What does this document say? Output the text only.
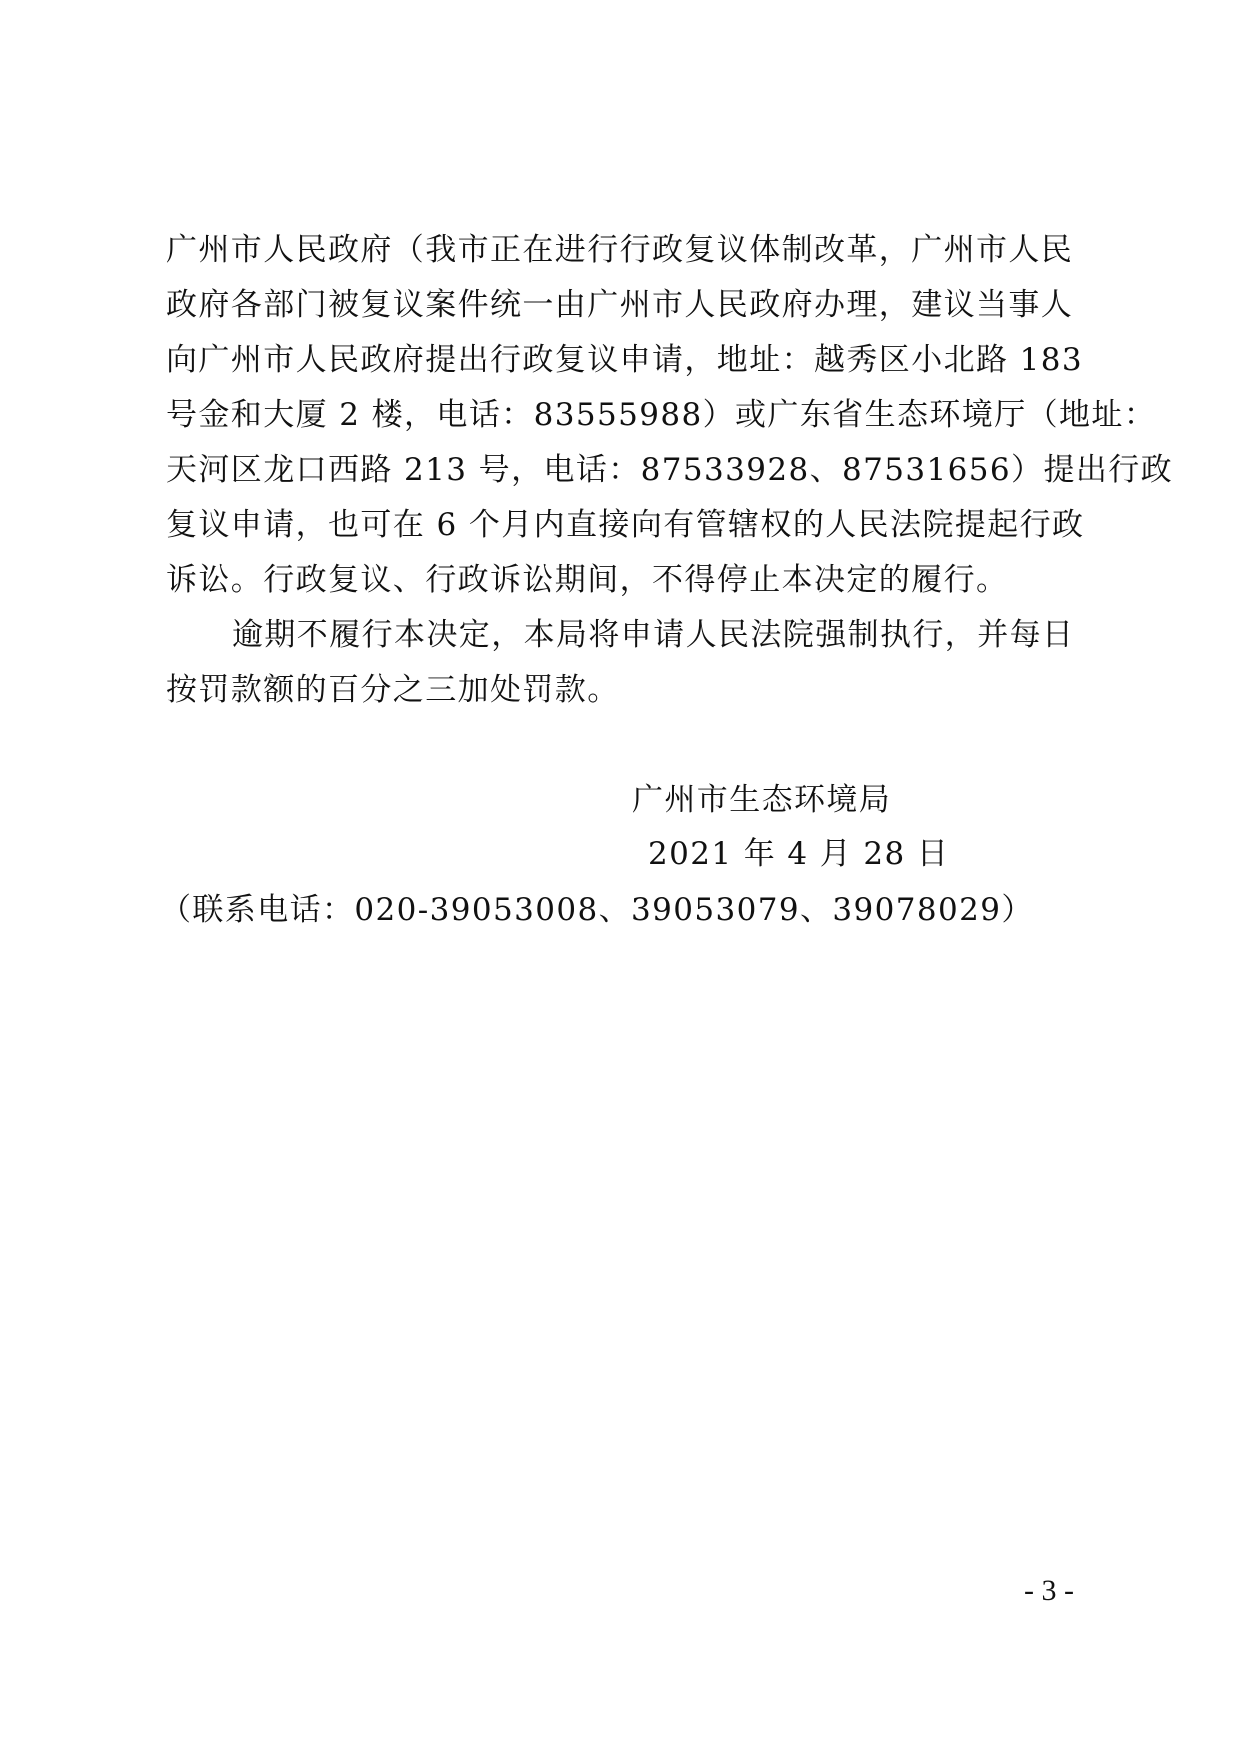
广州市人民政府（我市正在进行行政复议体制改革，广州市人民
政府各部门被复议案件统一由广州市人民政府办理，建议当事人
向广州市人民政府提出行政复议申请，地址：越秀区小北路 183
号金和大厦 2 楼，电话：83555988）或广东省生态环境厅（地址：
天河区龙口西路 213 号，电话：87533928、87531656）提出行政
复议申请，也可在 6 个月内直接向有管辖权的人民法院提起行政
诉讼。行政复议、行政诉讼期间，不得停止本决定的履行。
逾期不履行本决定，本局将申请人民法院强制执行，并每日
按罚款额的百分之三加处罚款。
广州市生态环境局
2021 年 4 月 28 日
（联系电话：020-39053008、39053079、39078029）
- 3 -
